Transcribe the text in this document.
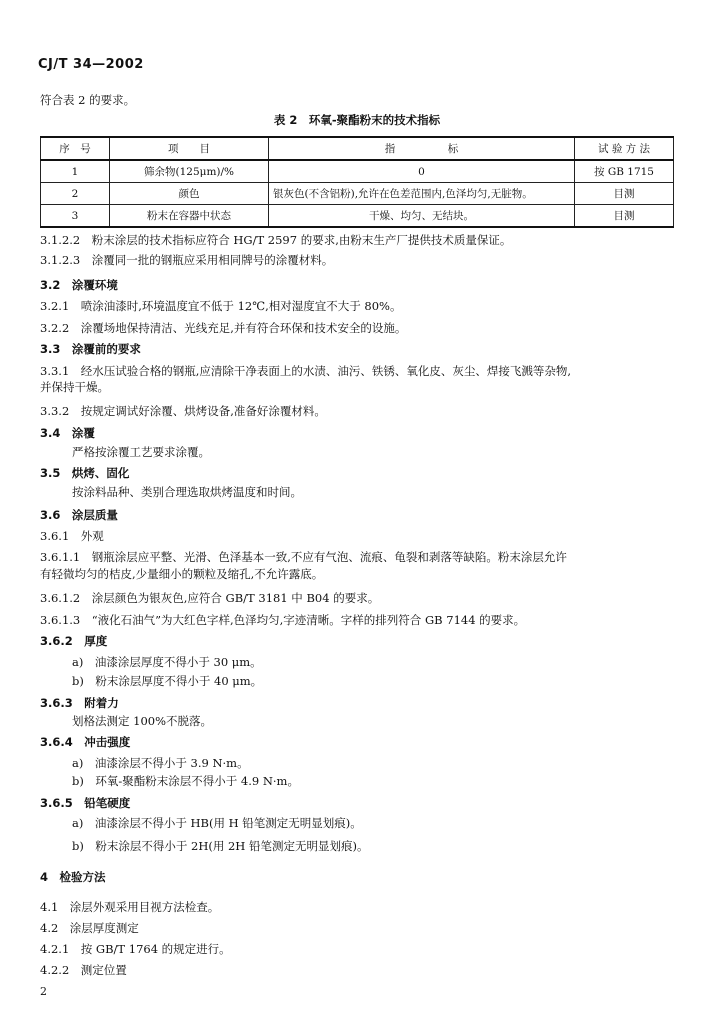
CJ/T 34—2002
符合表 2 的要求。
表 2　环氧-聚酯粉末的技术指标
序　号	项　　目	指　　　　　标	试 验 方 法
1	筛余物(125μm)/%	0	按 GB 1715
2	颜色	银灰色(不含铝粉),允许在色差范围内,色泽均匀,无脏物。	目测
3	粉末在容器中状态	干燥、均匀、无结块。	目测
3.1.2.2　粉末涂层的技术指标应符合 HG/T 2597 的要求,由粉末生产厂提供技术质量保证。
3.1.2.3　涂覆同一批的钢瓶应采用相同牌号的涂覆材料。
3.2　涂覆环境
3.2.1　喷涂油漆时,环境温度宜不低于 12℃,相对湿度宜不大于 80%。
3.2.2　涂覆场地保持清洁、光线充足,并有符合环保和技术安全的设施。
3.3　涂覆前的要求
3.3.1　经水压试验合格的钢瓶,应清除干净表面上的水渍、油污、铁锈、氧化皮、灰尘、焊接飞溅等杂物,
并保持干燥。
3.3.2　按规定调试好涂覆、烘烤设备,准备好涂覆材料。
3.4　涂覆
严格按涂覆工艺要求涂覆。
3.5　烘烤、固化
按涂料品种、类别合理选取烘烤温度和时间。
3.6　涂层质量
3.6.1　外观
3.6.1.1　钢瓶涂层应平整、光滑、色泽基本一致,不应有气泡、流痕、龟裂和剥落等缺陷。粉末涂层允许
有轻微均匀的桔皮,少量细小的颗粒及缩孔,不允许露底。
3.6.1.2　涂层颜色为银灰色,应符合 GB/T 3181 中 B04 的要求。
3.6.1.3　“液化石油气”为大红色字样,色泽均匀,字迹清晰。字样的排列符合 GB 7144 的要求。
3.6.2　厚度
a)　油漆涂层厚度不得小于 30 μm。
b)　粉末涂层厚度不得小于 40 μm。
3.6.3　附着力
划格法测定 100%不脱落。
3.6.4　冲击强度
a)　油漆涂层不得小于 3.9 N·m。
b)　环氧-聚酯粉末涂层不得小于 4.9 N·m。
3.6.5　铅笔硬度
a)　油漆涂层不得小于 HB(用 H 铅笔测定无明显划痕)。
b)　粉末涂层不得小于 2H(用 2H 铅笔测定无明显划痕)。
4　检验方法
4.1　涂层外观采用目视方法检查。
4.2　涂层厚度测定
4.2.1　按 GB/T 1764 的规定进行。
4.2.2　测定位置
2
